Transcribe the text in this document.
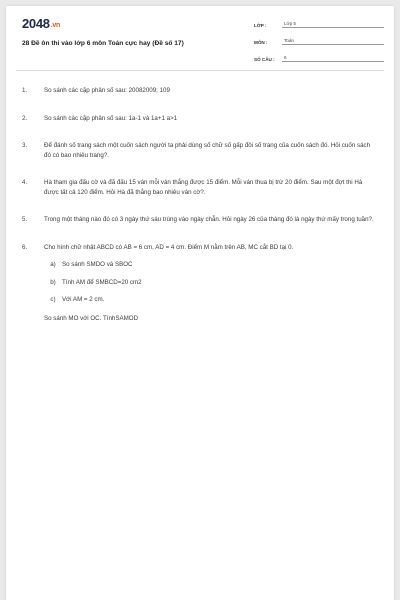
2048.vn
28 Đề ôn thi vào lớp 6 môn Toán cực hay (Đề số 17)
LỚP :	Lớp 5
MÔN :	Toán
SỐ CÂU :	6
1.	So sánh các cặp phân số sau: 20082009; 109
2.	So sánh các cặp phân số sau: 1a-1 và 1a+1 a>1
3.	Để đánh số trang sách một cuốn sách người ta phải dùng số chữ số gấp đôi số trang của cuốn sách đó. Hỏi cuốn sách đó có bao nhiêu trang?.
4.	Hà tham gia đấu cờ và đã đấu 15 ván mỗi ván thắng được 15 điểm. Mỗi ván thua bị trừ 20 điểm. Sau một đợt thi Hà được tất cả 120 điểm. Hỏi Hà đã thắng bao nhiêu ván cờ?.
5.	Trong một tháng nào đó có 3 ngày thứ sáu trùng vào ngày chẵn. Hỏi ngày 26 của tháng đó là ngày thứ mấy trong tuần?.
6.	Cho hình chữ nhật ABCD có AB = 6 cm, AD = 4 cm. Điểm M nằm trên AB, MC cắt BD tại 0.
a)	So sánh SMDO và SBOC
b)	Tính AM để SMBCD=20 cm2
c)	Với AM = 2 cm.
So sánh MO với OC. TínhSAMOD
